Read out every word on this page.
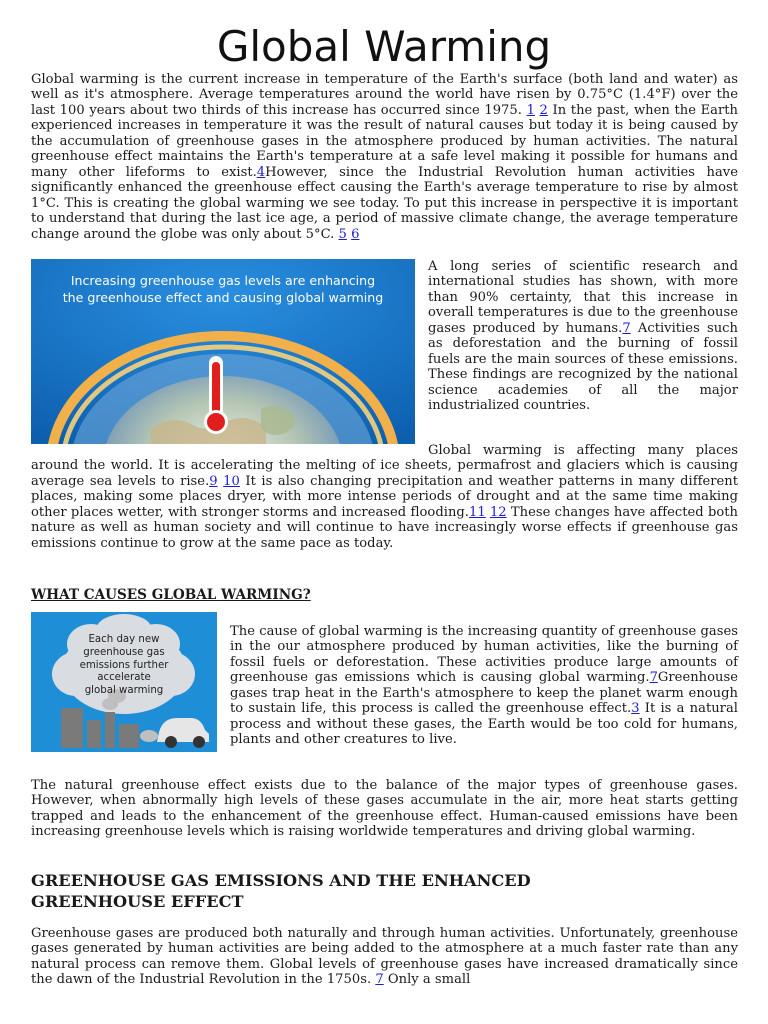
Global Warming

Global warming is the current increase in temperature of the Earth's surface (both land and water) as well as it's atmosphere. Average temperatures around the world have risen by 0.75°C (1.4°F) over the last 100 years about two thirds of this increase has occurred since 1975. 1 2 In the past, when the Earth experienced increases in temperature it was the result of natural causes but today it is being caused by the accumulation of greenhouse gases in the atmosphere produced by human activities. The natural greenhouse effect maintains the Earth's temperature at a safe level making it possible for humans and many other lifeforms to exist.4However, since the Industrial Revolution human activities have significantly enhanced the greenhouse effect causing the Earth's average temperature to rise by almost 1°C. This is creating the global warming we see today. To put this increase in perspective it is important to understand that during the last ice age, a period of massive climate change, the average temperature change around the globe was only about 5°C. 5 6

Increasing greenhouse gas levels are enhancing
the greenhouse effect and causing global warming

A long series of scientific research and international studies has shown, with more than 90% certainty, that this increase in overall temperatures is due to the greenhouse gases produced by humans.7 Activities such as deforestation and the burning of fossil fuels are the main sources of these emissions. These findings are recognized by the national science academies of all the major industrialized countries.

Global warming is affecting many places around the world. It is accelerating the melting of ice sheets, permafrost and glaciers which is causing average sea levels to rise.9 10 It is also changing precipitation and weather patterns in many different places, making some places dryer, with more intense periods of drought and at the same time making other places wetter, with stronger storms and increased flooding.11 12 These changes have affected both nature as well as human society and will continue to have increasingly worse effects if greenhouse gas emissions continue to grow at the same pace as today.

WHAT CAUSES GLOBAL WARMING?
Each day new
greenhouse gas
emissions further
accelerate
global warming

The cause of global warming is the increasing quantity of greenhouse gases in the our atmosphere produced by human activities, like the burning of fossil fuels or deforestation. These activities produce large amounts of greenhouse gas emissions which is causing global warming.7Greenhouse gases trap heat in the Earth's atmosphere to keep the planet warm enough to sustain life, this process is called the greenhouse effect.3 It is a natural process and without these gases, the Earth would be too cold for humans, plants and other creatures to live.

The natural greenhouse effect exists due to the balance of the major types of greenhouse gases. However, when abnormally high levels of these gases accumulate in the air, more heat starts getting trapped and leads to the enhancement of the greenhouse effect. Human-caused emissions have been increasing greenhouse levels which is raising worldwide temperatures and driving global warming.

GREENHOUSE GAS EMISSIONS AND THE ENHANCED
GREENHOUSE EFFECT

Greenhouse gases are produced both naturally and through human activities. Unfortunately, greenhouse gases generated by human activities are being added to the atmosphere at a much faster rate than any natural process can remove them. Global levels of greenhouse gases have increased dramatically since the dawn of the Industrial Revolution in the 1750s. 7 Only a small
